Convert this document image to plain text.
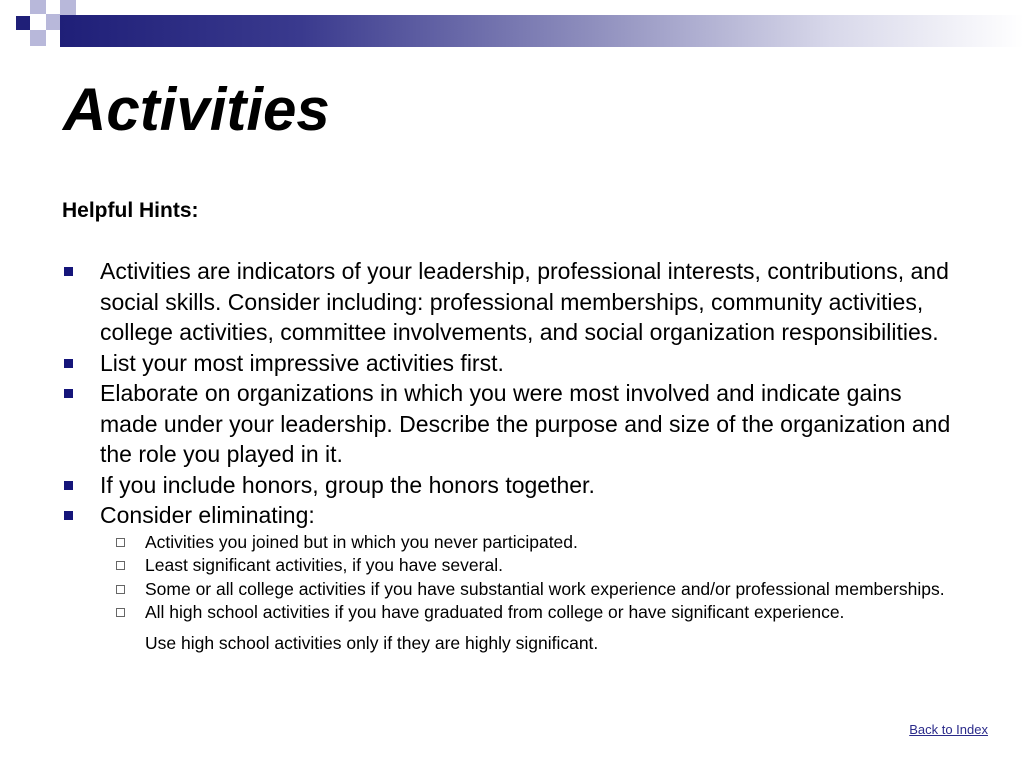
Activities
Helpful Hints:
Activities are indicators of your leadership, professional interests, contributions, and social skills. Consider including: professional memberships, community activities, college activities, committee involvements, and social organization responsibilities.
List your most impressive activities first.
Elaborate on organizations in which you were most involved and indicate gains made under your leadership. Describe the purpose and size of the organization and the role you played in it.
If you include honors, group the honors together.
Consider eliminating:
Activities you joined but in which you never participated.
Least significant activities, if you have several.
Some or all college activities if you have substantial work experience and/or professional memberships.
All high school activities if you have graduated from college or have significant experience.
Use high school activities only if they are highly significant.
Back to Index
